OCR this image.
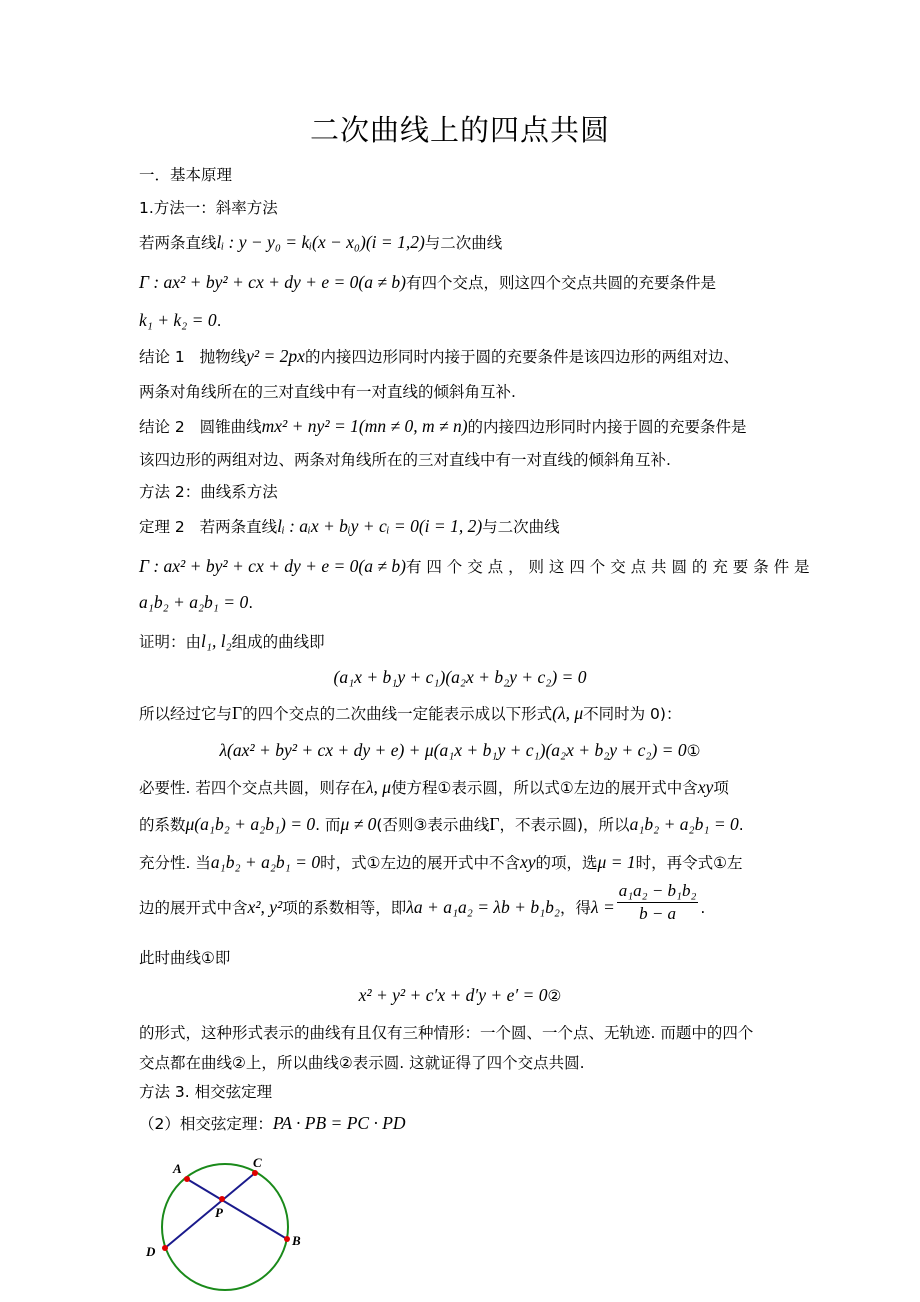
二次曲线上的四点共圆
一．基本原理
1.方法一：斜率方法
若两条直线lᵢ : y − y₀ = kᵢ(x − x₀)(i = 1,2)与二次曲线
Γ : ax² + by² + cx + dy + e = 0(a ≠ b)有四个交点，则这四个交点共圆的充要条件是
k₁ + k₂ = 0.
结论 1 抛物线y² = 2px的内接四边形同时内接于圆的充要条件是该四边形的两组对边、
两条对角线所在的三对直线中有一对直线的倾斜角互补.
结论 2 圆锥曲线mx² + ny² = 1(mn ≠ 0, m ≠ n)的内接四边形同时内接于圆的充要条件是
该四边形的两组对边、两条对角线所在的三对直线中有一对直线的倾斜角互补.
方法 2：曲线系方法
定理 2 若两条直线lᵢ : aᵢx + bᵢy + cᵢ = 0(i = 1, 2)与二次曲线
Γ : ax² + by² + cx + dy + e = 0(a ≠ b)有 四 个 交 点 ， 则 这 四 个 交 点 共 圆 的 充 要 条 件 是
a₁b₂ + a₂b₁ = 0.
证明：由l₁, l₂组成的曲线即
(a₁x + b₁y + c₁)(a₂x + b₂y + c₂) = 0
所以经过它与Γ的四个交点的二次曲线一定能表示成以下形式(λ, μ不同时为 0)：
λ(ax² + by² + cx + dy + e) + μ(a₁x + b₁y + c₁)(a₂x + b₂y + c₂) = 0①
必要性. 若四个交点共圆，则存在λ, μ使方程①表示圆，所以式①左边的展开式中含xy项
的系数μ(a₁b₂ + a₂b₁) = 0. 而μ ≠ 0(否则③表示曲线Γ，不表示圆)，所以a₁b₂ + a₂b₁ = 0.
充分性. 当a₁b₂ + a₂b₁ = 0时，式①左边的展开式中不含xy的项，选μ = 1时，再令式①左
边的展开式中含x², y²项的系数相等，即λa + a₁a₂ = λb + b₁b₂，得$\lambda = \frac{\text{a₁a₂ − b₁b₂}}{b - a}$ .
此时曲线①即
x² + y² + c′x + d′y + e′ = 0②
的形式，这种形式表示的曲线有且仅有三种情形：一个圆、一个点、无轨迹. 而题中的四个
交点都在曲线②上，所以曲线②表示圆. 这就证得了四个交点共圆.
方法 3. 相交弦定理
（2）相交弦定理：PA · PB = PC · PD
A	C
P
B
D
